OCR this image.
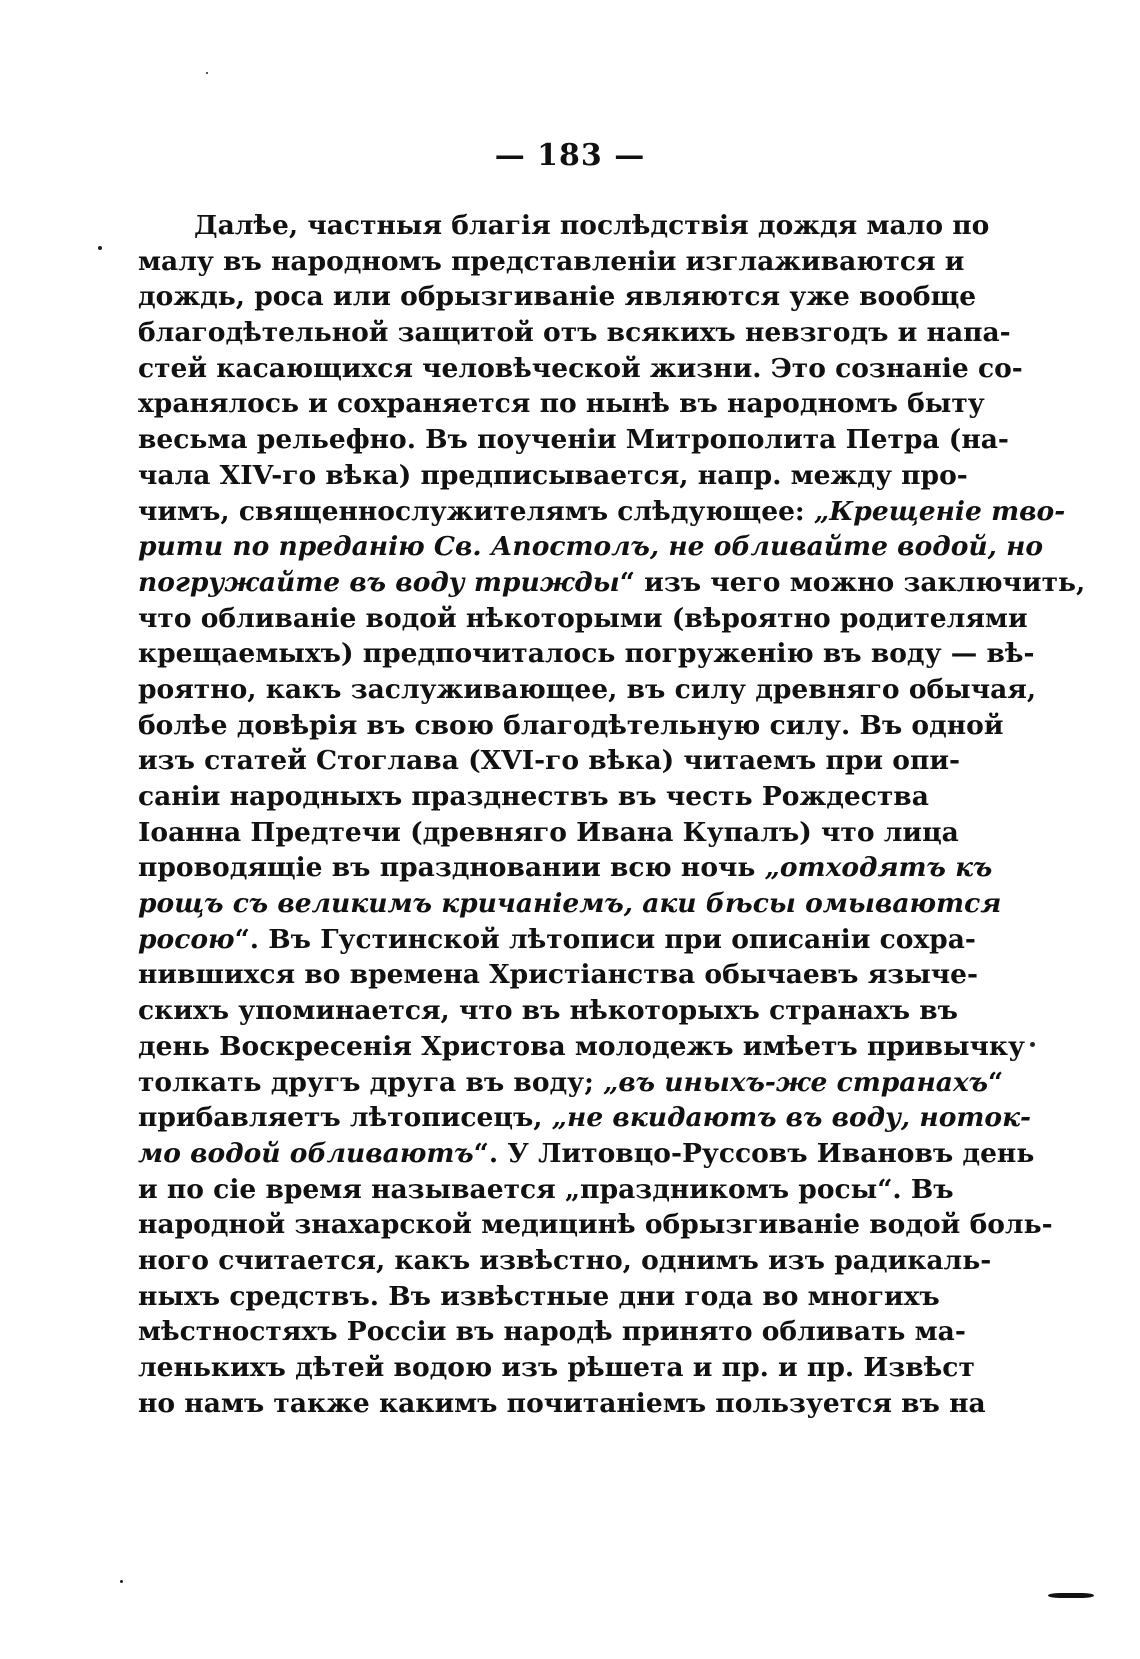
— 183 —
Далѣе, частныя благія послѣдствія дождя мало по
малу въ народномъ представленіи изглаживаются и
дождь, роса или обрызгиваніе являются уже вообще
благодѣтельной защитой отъ всякихъ невзгодъ и напа-
стей касающихся человѣческой жизни. Это сознаніе со-
хранялось и сохраняется по нынѣ въ народномъ быту
весьма рельефно. Въ поученіи Митрополита Петра (на-
чала XIV-го вѣка) предписывается, напр. между про-
чимъ, священнослужителямъ слѣдующее: „Крещеніе тво-
рити по преданію Св. Апостолъ, не обливайте водой, но
погружайте въ воду трижды“ изъ чего можно заключить,
что обливаніе водой нѣкоторыми (вѣроятно родителями
крещаемыхъ) предпочиталось погруженію въ воду — вѣ-
роятно, какъ заслуживающее, въ силу древняго обычая,
болѣе довѣрія въ свою благодѣтельную силу. Въ одной
изъ статей Стоглава (XVI-го вѣка) читаемъ при опи-
саніи народныхъ празднествъ въ честь Рождества
Іоанна Предтечи (древняго Ивана Купалъ) что лица
проводящіе въ праздновании всю ночь „отходятъ къ
рощъ съ великимъ кричаніемъ, аки бѣсы омываются
росою“. Въ Густинской лѣтописи при описаніи сохра-
нившихся во времена Христіанства обычаевъ языче-
скихъ упоминается, что въ нѣкоторыхъ странахъ въ
день Воскресенія Христова молодежъ имѣетъ привычку
толкать другъ друга въ воду; „въ иныхъ-же странахъ“
прибавляетъ лѣтописецъ, „не вкидаютъ въ воду, ноток-
мо водой обливаютъ“. У Литовцо-Руссовъ Ивановъ день
и по сіе время называется „праздникомъ росы“. Въ
народной знахарской медицинѣ обрызгиваніе водой боль-
ного считается, какъ извѣстно, однимъ изъ радикаль-
ныхъ средствъ. Въ извѣстные дни года во многихъ
мѣстностяхъ Россіи въ народѣ принято обливать ма-
ленькихъ дѣтей водою изъ рѣшета и пр. и пр. Извѣст
но намъ также какимъ почитаніемъ пользуется въ на
